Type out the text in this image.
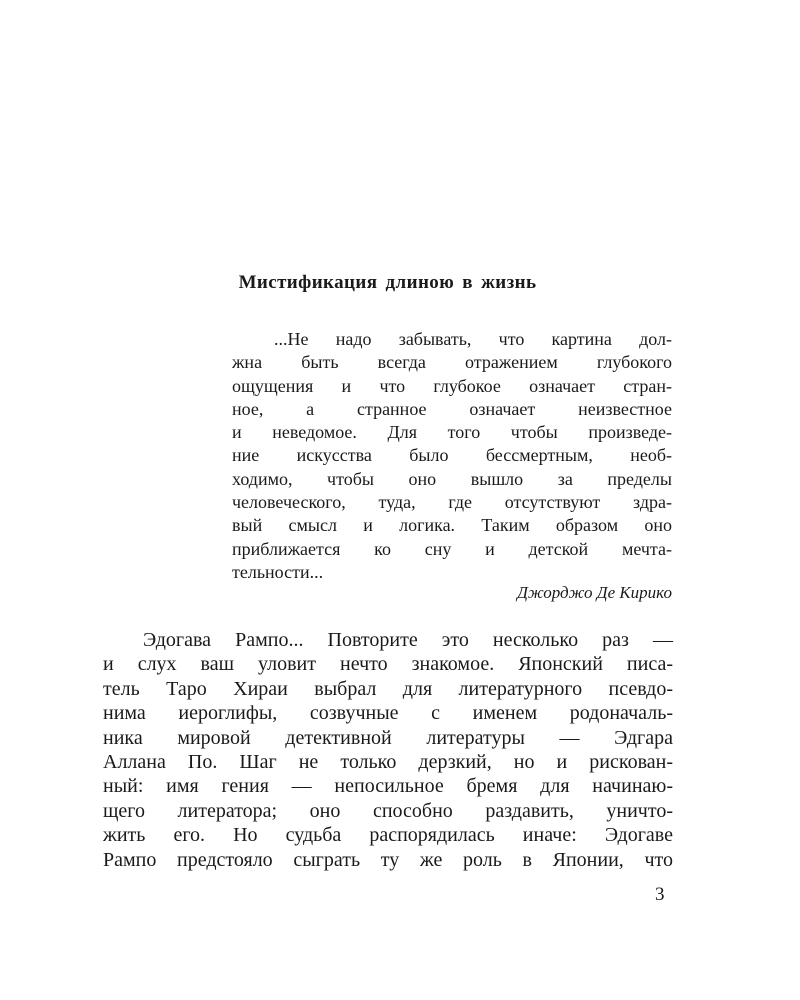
Мистификация длиною в жизнь
...Не надо забывать, что картина дол-
жна быть всегда отражением глубокого
ощущения и что глубокое означает стран-
ное, а странное означает неизвестное
и неведомое. Для того чтобы произведе-
ние искусства было бессмертным, необ-
ходимо, чтобы оно вышло за пределы
человеческого, туда, где отсутствуют здра-
вый смысл и логика. Таким образом оно
приближается ко сну и детской мечта-
тельности...

Джорджо Де Кирико

Эдогава Рампо... Повторите это несколько раз —
и слух ваш уловит нечто знакомое. Японский писа-
тель Таро Хираи выбрал для литературного псевдо-
нима иероглифы, созвучные с именем родоначаль-
ника мировой детективной литературы — Эдгара
Аллана По. Шаг не только дерзкий, но и рискован-
ный: имя гения — непосильное бремя для начинаю-
щего литератора; оно способно раздавить, уничто-
жить его. Но судьба распорядилась иначе: Эдогаве
Рампо предстояло сыграть ту же роль в Японии, что

3
